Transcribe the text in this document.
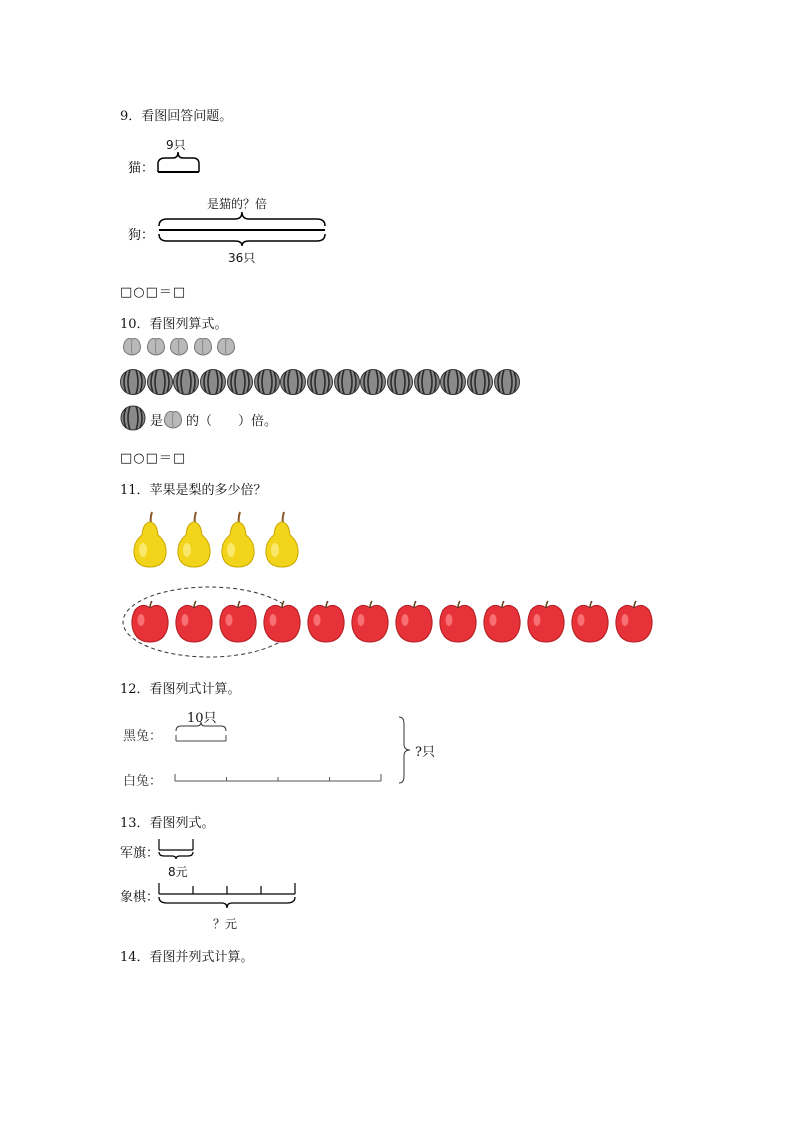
9．看图回答问题。
9只
猫：
是猫的？倍
狗：
36只
□○□＝□
10．看图列算式。
是 的（　　）倍。
□○□＝□
11．苹果是梨的多少倍？
12．看图列式计算。
10只
黑兔：
白兔：
?只
13．看图列式。
军旗：
8元
象棋：
？元
14．看图并列式计算。
